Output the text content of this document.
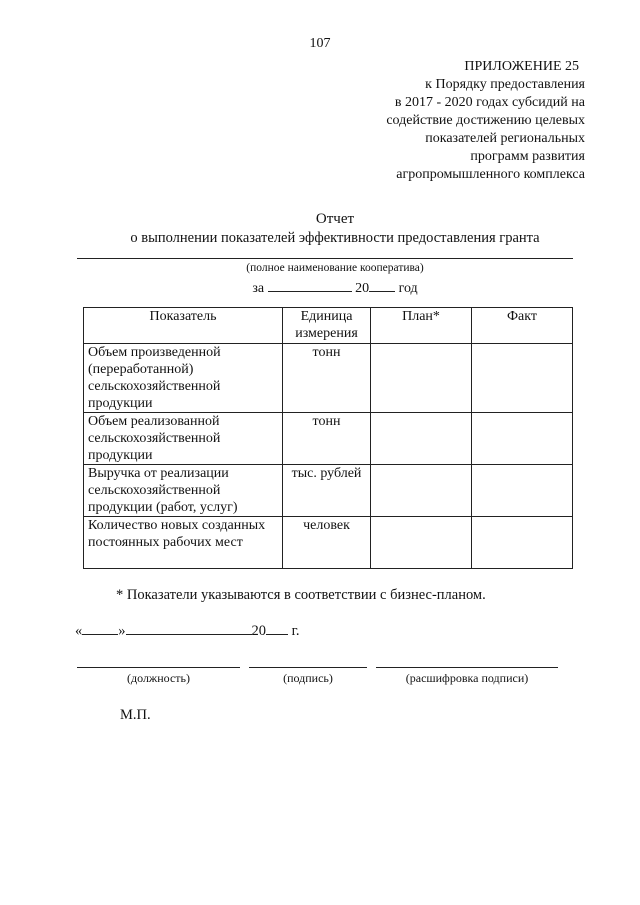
107
ПРИЛОЖЕНИЕ 25
к Порядку предоставления
в 2017 - 2020 годах субсидий на
содействие достижению целевых
показателей региональных
программ развития
агропромышленного комплекса
Отчет
о выполнении показателей эффективности предоставления гранта
(полное наименование кооператива)
за	20 год
Показатель	Единица измерения	План*	Факт
Объем произведенной (переработанной) сельскохозяйственной продукции	тонн		
Объем реализованной сельскохозяйственной продукции	тонн		
Выручка от реализации сельскохозяйственной продукции (работ, услуг)	тыс. рублей		
Количество новых созданных постоянных рабочих мест	человек		
* Показатели указываются в соответствии с бизнес-планом.
« »	20 г.
(должность)	(подпись)	(расшифровка подписи)
М.П.
